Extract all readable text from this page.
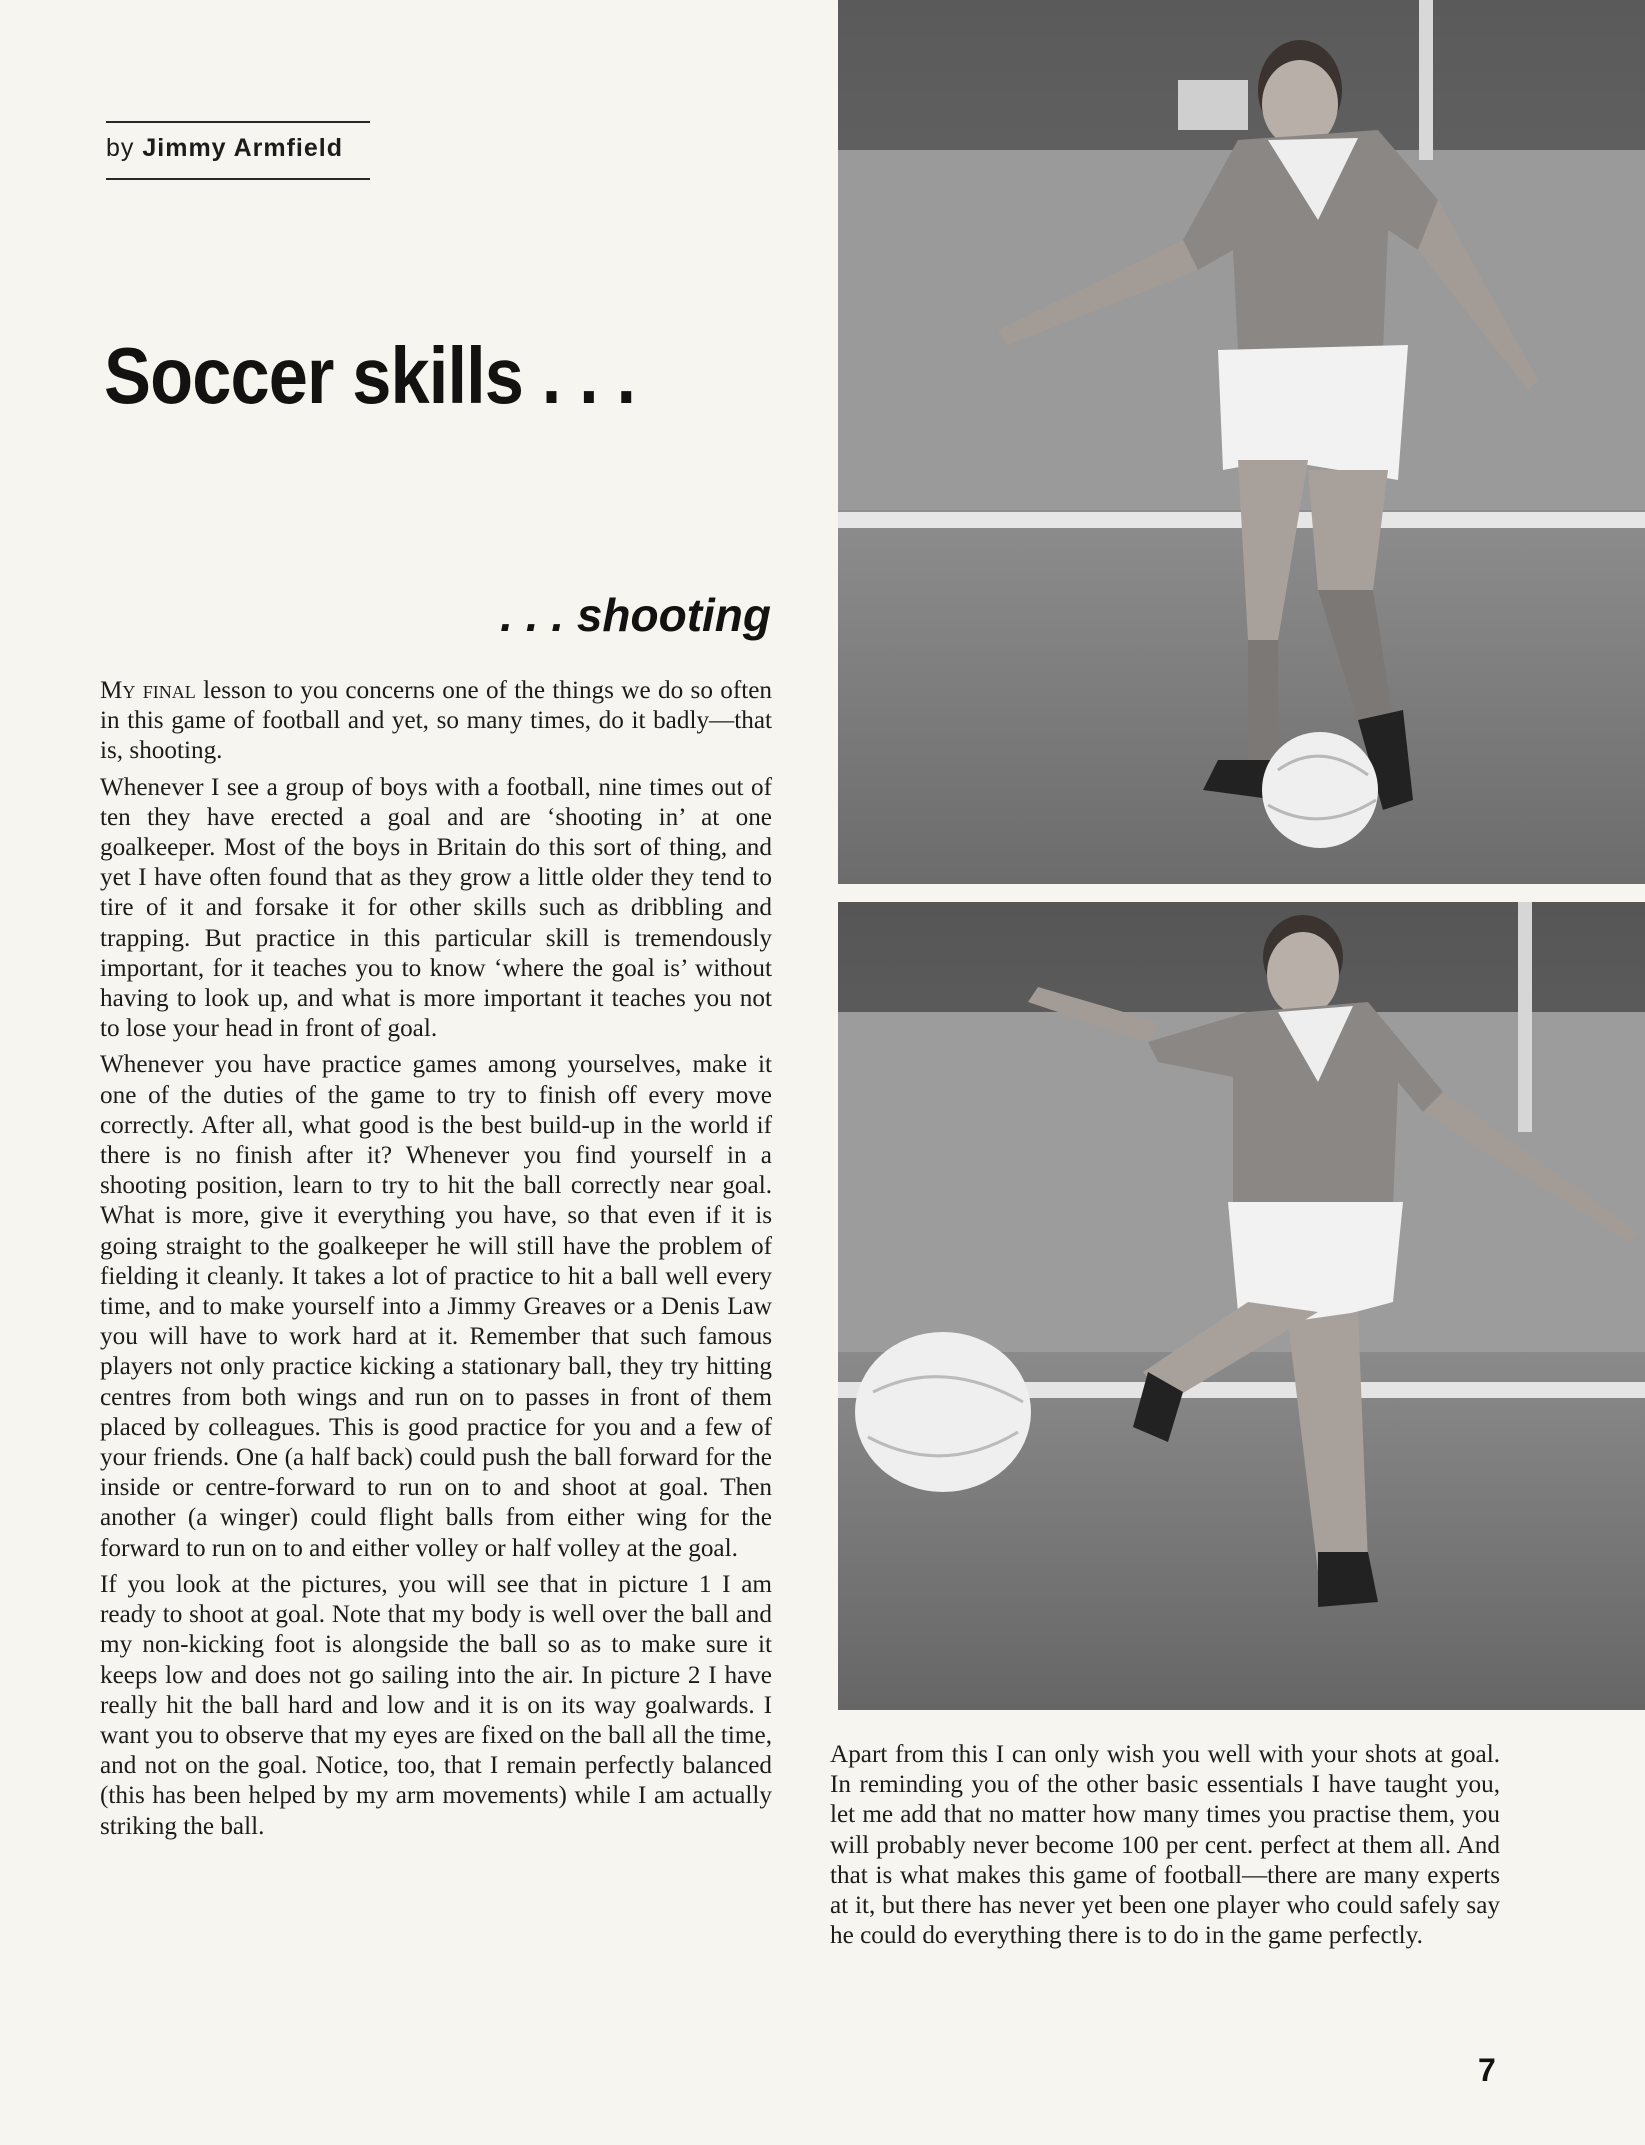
by Jimmy Armfield
Soccer skills . . .
. . . shooting

My final lesson to you concerns one of the things we do so often in this game of football and yet, so many times, do it badly—that is, shooting.

Whenever I see a group of boys with a football, nine times out of ten they have erected a goal and are ‘shooting in’ at one goalkeeper. Most of the boys in Britain do this sort of thing, and yet I have often found that as they grow a little older they tend to tire of it and forsake it for other skills such as dribbling and trapping. But practice in this particular skill is tremendously important, for it teaches you to know ‘where the goal is’ without having to look up, and what is more important it teaches you not to lose your head in front of goal.

Whenever you have practice games among yourselves, make it one of the duties of the game to try to finish off every move correctly. After all, what good is the best build-up in the world if there is no finish after it? Whenever you find yourself in a shooting position, learn to try to hit the ball correctly near goal. What is more, give it everything you have, so that even if it is going straight to the goalkeeper he will still have the problem of fielding it cleanly. It takes a lot of practice to hit a ball well every time, and to make yourself into a Jimmy Greaves or a Denis Law you will have to work hard at it. Remember that such famous players not only practice kicking a stationary ball, they try hitting centres from both wings and run on to passes in front of them placed by colleagues. This is good practice for you and a few of your friends. One (a half back) could push the ball forward for the inside or centre-forward to run on to and shoot at goal. Then another (a winger) could flight balls from either wing for the forward to run on to and either volley or half volley at the goal.

If you look at the pictures, you will see that in picture 1 I am ready to shoot at goal. Note that my body is well over the ball and my non-kicking foot is alongside the ball so as to make sure it keeps low and does not go sailing into the air. In picture 2 I have really hit the ball hard and low and it is on its way goalwards. I want you to observe that my eyes are fixed on the ball all the time, and not on the goal. Notice, too, that I remain perfectly balanced (this has been helped by my arm movements) while I am actually striking the ball.

Apart from this I can only wish you well with your shots at goal. In reminding you of the other basic essentials I have taught you, let me add that no matter how many times you practise them, you will probably never become 100 per cent. perfect at them all. And that is what makes this game of football—there are many experts at it, but there has never yet been one player who could safely say he could do everything there is to do in the game perfectly.

7
